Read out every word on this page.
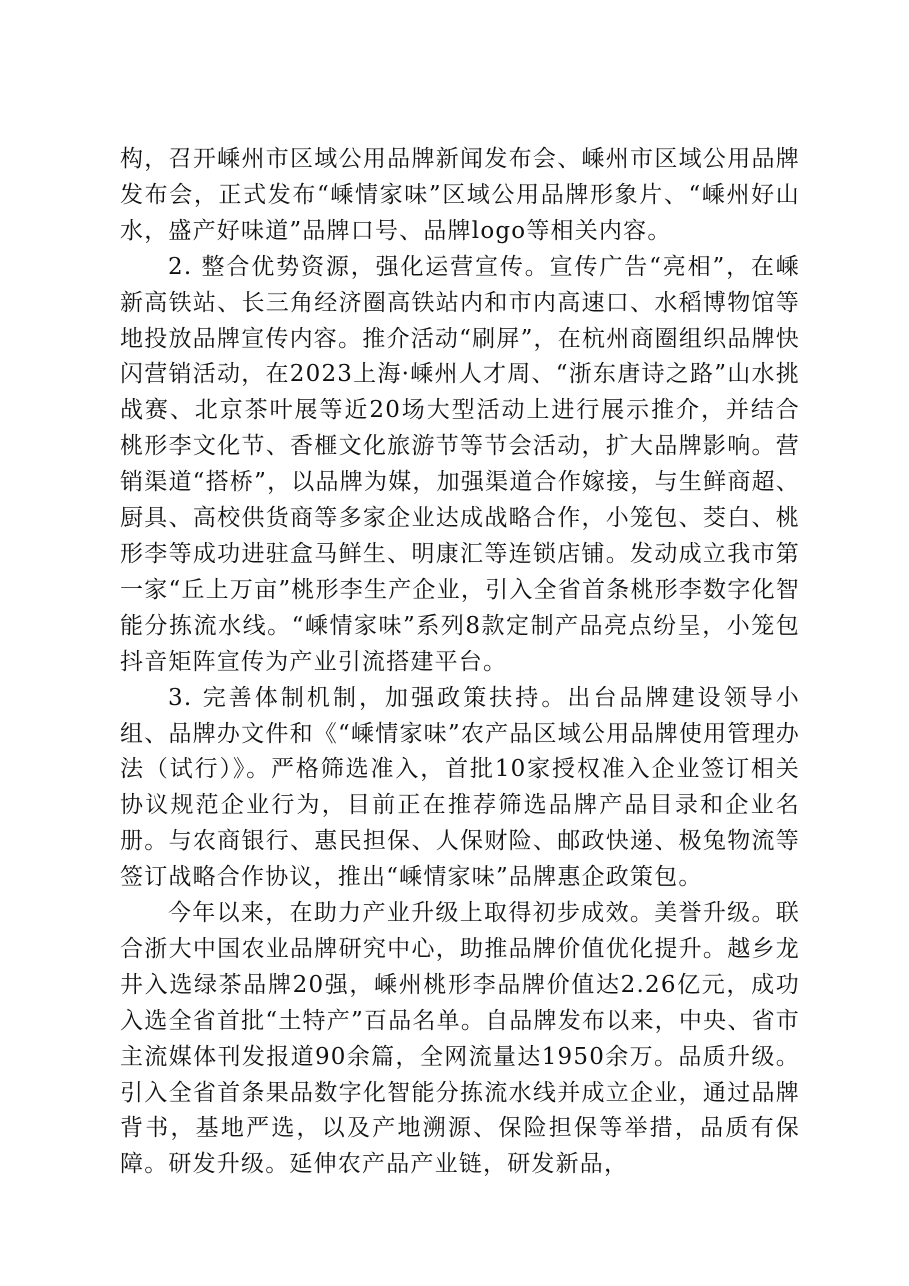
构，召开嵊州市区域公用品牌新闻发布会、嵊州市区域公用品牌发布会，正式发布“嵊情家味”区域公用品牌形象片、“嵊州好山水，盛产好味道”品牌口号、品牌logo等相关内容。

2. 整合优势资源，强化运营宣传。宣传广告“亮相”，在嵊新高铁站、长三角经济圈高铁站内和市内高速口、水稻博物馆等地投放品牌宣传内容。推介活动“刷屏”，在杭州商圈组织品牌快闪营销活动，在2023上海·嵊州人才周、“浙东唐诗之路”山水挑战赛、北京茶叶展等近20场大型活动上进行展示推介，并结合桃形李文化节、香榧文化旅游节等节会活动，扩大品牌影响。营销渠道“搭桥”，以品牌为媒，加强渠道合作嫁接，与生鲜商超、厨具、高校供货商等多家企业达成战略合作，小笼包、茭白、桃形李等成功进驻盒马鲜生、明康汇等连锁店铺。发动成立我市第一家“丘上万亩”桃形李生产企业，引入全省首条桃形李数字化智能分拣流水线。“嵊情家味”系列8款定制产品亮点纷呈，小笼包抖音矩阵宣传为产业引流搭建平台。

3. 完善体制机制，加强政策扶持。出台品牌建设领导小组、品牌办文件和《“嵊情家味”农产品区域公用品牌使用管理办法（试行）》。严格筛选准入，首批10家授权准入企业签订相关协议规范企业行为，目前正在推荐筛选品牌产品目录和企业名册。与农商银行、惠民担保、人保财险、邮政快递、极兔物流等签订战略合作协议，推出“嵊情家味”品牌惠企政策包。

今年以来，在助力产业升级上取得初步成效。美誉升级。联合浙大中国农业品牌研究中心，助推品牌价值优化提升。越乡龙井入选绿茶品牌20强，嵊州桃形李品牌价值达2.26亿元，成功入选全省首批“土特产”百品名单。自品牌发布以来，中央、省市主流媒体刊发报道90余篇，全网流量达1950余万。品质升级。引入全省首条果品数字化智能分拣流水线并成立企业，通过品牌背书，基地严选，以及产地溯源、保险担保等举措，品质有保障。研发升级。延伸农产品产业链，研发新品，
